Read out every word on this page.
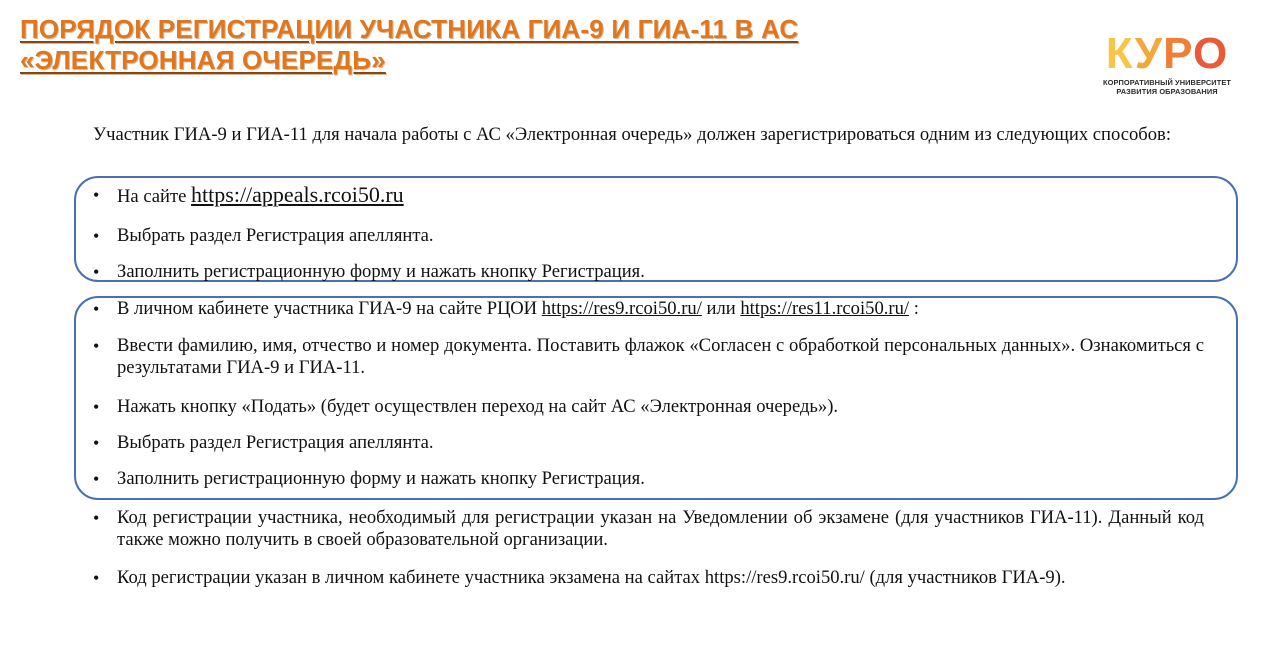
ПОРЯДОК РЕГИСТРАЦИИ УЧАСТНИКА ГИА-9 И ГИА-11 В АС «ЭЛЕКТРОННАЯ ОЧЕРЕДЬ»	КУРО
КОРПОРАТИВНЫЙ УНИВЕРСИТЕТ
РАЗВИТИЯ ОБРАЗОВАНИЯ

Участник ГИА-9 и ГИА-11 для начала работы с АС «Электронная очередь» должен зарегистрироваться одним из следующих способов:

• На сайте https://appeals.rcoi50.ru

• Выбрать раздел Регистрация апеллянта.

• Заполнить регистрационную форму и нажать кнопку Регистрация.

• В личном кабинете участника ГИА-9 на сайте РЦОИ https://res9.rcoi50.ru/ или https://res11.rcoi50.ru/ :

• Ввести фамилию, имя, отчество и номер документа. Поставить флажок «Согласен с обработкой персональных данных». Ознакомиться с результатами ГИА-9 и ГИА-11.

• Нажать кнопку «Подать» (будет осуществлен переход на сайт АС «Электронная очередь»).

• Выбрать раздел Регистрация апеллянта.

• Заполнить регистрационную форму и нажать кнопку Регистрация.

• Код регистрации участника, необходимый для регистрации указан на Уведомлении об экзамене (для участников ГИА-11). Данный код также можно получить в своей образовательной организации.

• Код регистрации указан в личном кабинете участника экзамена на сайтах https://res9.rcoi50.ru/ (для участников ГИА-9).
